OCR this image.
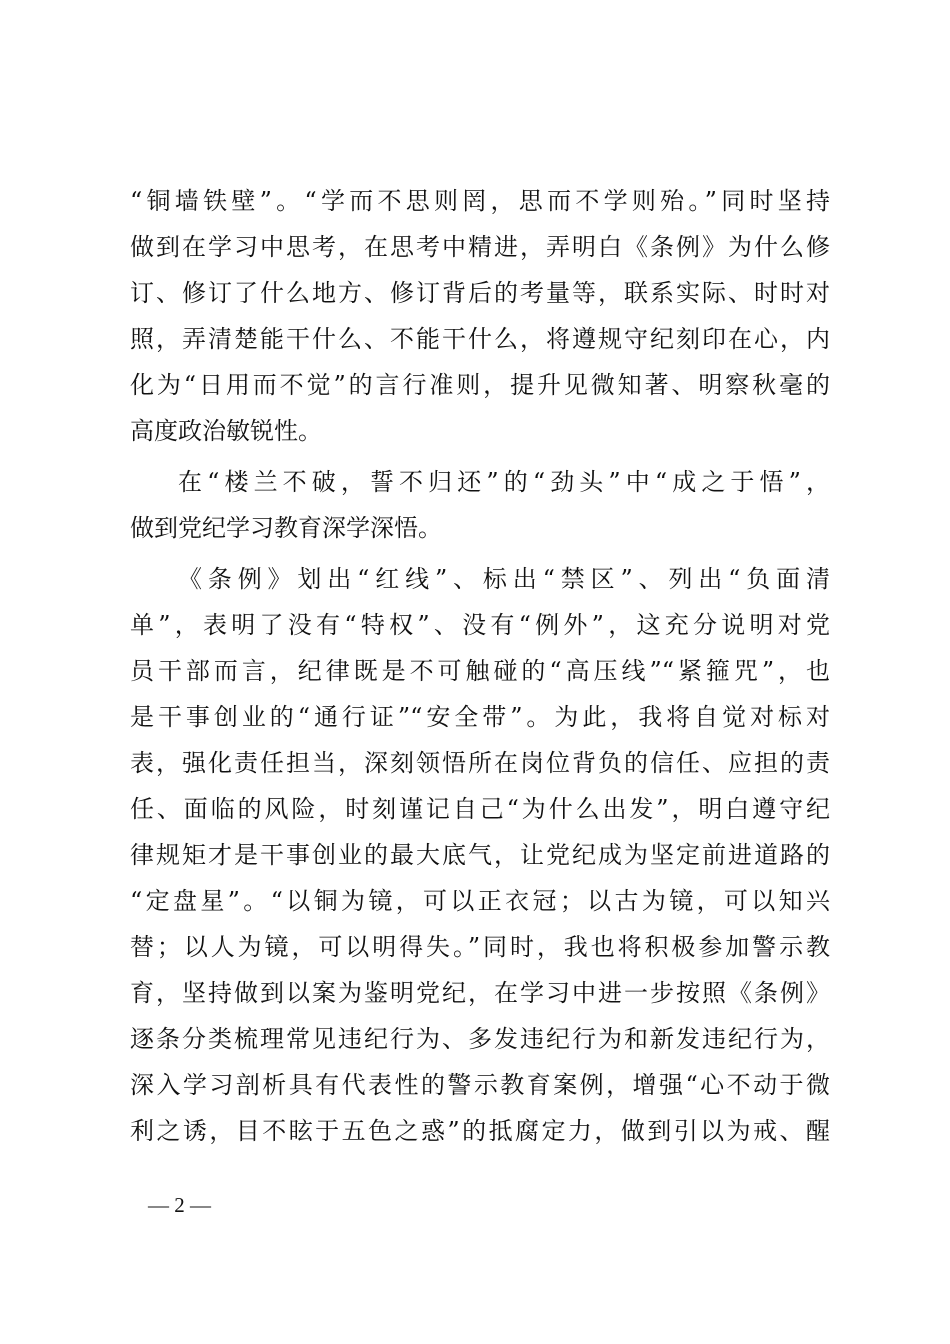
“铜墙铁壁”。“学而不思则罔，思而不学则殆。”同时坚持
做到在学习中思考，在思考中精进，弄明白《条例》为什么修
订、修订了什么地方、修订背后的考量等，联系实际、时时对
照，弄清楚能干什么、不能干什么，将遵规守纪刻印在心，内
化为“日用而不觉”的言行准则，提升见微知著、明察秋毫的
高度政治敏锐性。
在“楼兰不破，誓不归还”的“劲头”中“成之于悟”，
做到党纪学习教育深学深悟。
《条例》划出“红线”、标出“禁区”、列出“负面清
单”，表明了没有“特权”、没有“例外”，这充分说明对党
员干部而言，纪律既是不可触碰的“高压线”“紧箍咒”，也
是干事创业的“通行证”“安全带”。为此，我将自觉对标对
表，强化责任担当，深刻领悟所在岗位背负的信任、应担的责
任、面临的风险，时刻谨记自己“为什么出发”，明白遵守纪
律规矩才是干事创业的最大底气，让党纪成为坚定前进道路的
“定盘星”。“以铜为镜，可以正衣冠；以古为镜，可以知兴
替；以人为镜，可以明得失。”同时，我也将积极参加警示教
育，坚持做到以案为鉴明党纪，在学习中进一步按照《条例》
逐条分类梳理常见违纪行为、多发违纪行为和新发违纪行为，
深入学习剖析具有代表性的警示教育案例，增强“心不动于微
利之诱，目不眩于五色之惑”的抵腐定力，做到引以为戒、醒
— 2 —
